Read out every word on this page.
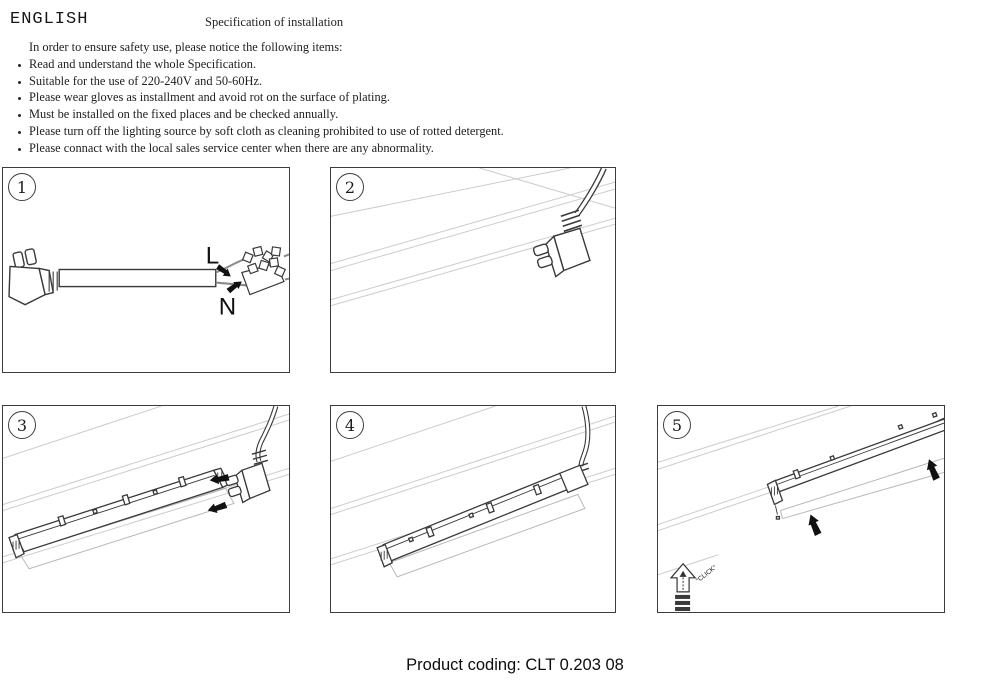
ENGLISH	Specification of installation

In order to ensure safety use, please notice the following items:

Read and understand the whole Specification.
Suitable for the use of 220-240V and 50-60Hz.
Please wear gloves as installment and avoid rot on the surface of plating.
Must be installed on the fixed places and be checked annually.
Please turn off the lighting source by soft cloth as cleaning prohibited to use of rotted detergent.
Please connact with the local sales service center when there are any abnormality.
1
L
N
2
3	4	5
"CLICK"
Product coding: CLT 0.203 08
